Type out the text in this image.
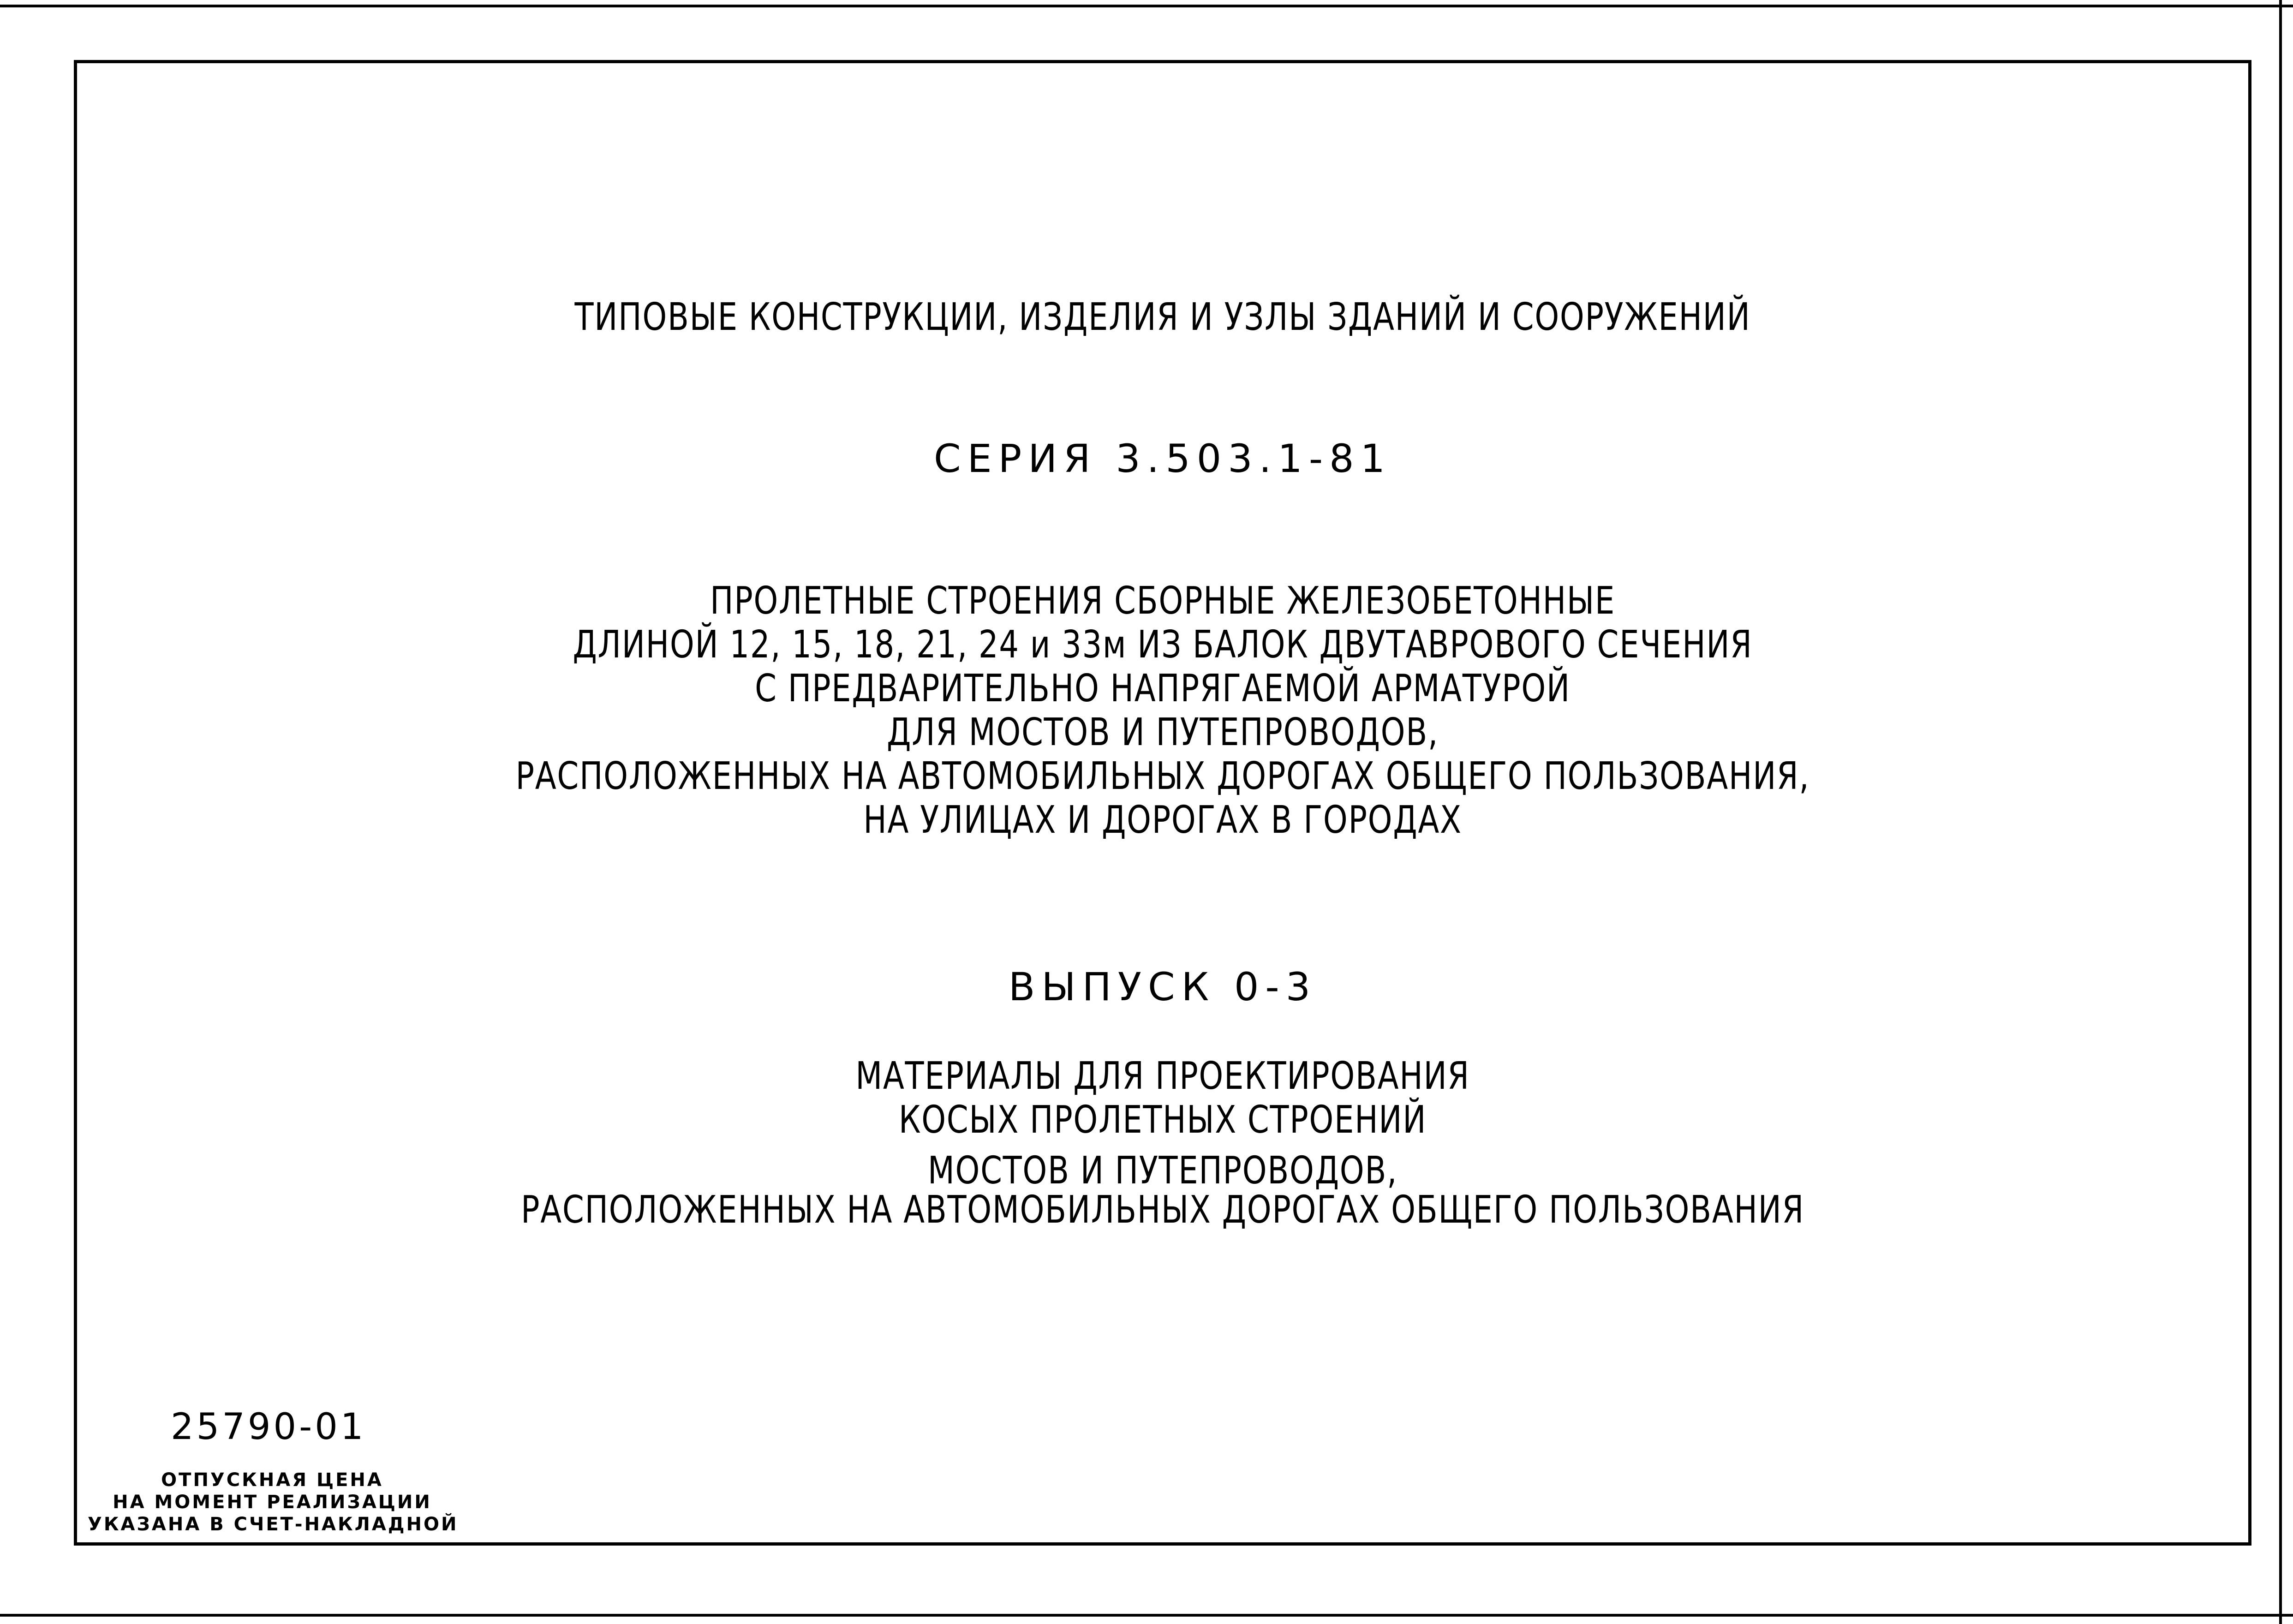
ТИПОВЫЕ КОНСТРУКЦИИ, ИЗДЕЛИЯ И УЗЛЫ ЗДАНИЙ И СООРУЖЕНИЙ
СЕРИЯ 3.503.1-81
ПРОЛЕТНЫЕ СТРОЕНИЯ СБОРНЫЕ ЖЕЛЕЗОБЕТОННЫЕ
ДЛИНОЙ 12, 15, 18, 21, 24 и 33м ИЗ БАЛОК ДВУТАВРОВОГО СЕЧЕНИЯ
С ПРЕДВАРИТЕЛЬНО НАПРЯГАЕМОЙ АРМАТУРОЙ
ДЛЯ МОСТОВ И ПУТЕПРОВОДОВ,
РАСПОЛОЖЕННЫХ НА АВТОМОБИЛЬНЫХ ДОРОГАХ ОБЩЕГО ПОЛЬЗОВАНИЯ,
НА УЛИЦАХ И ДОРОГАХ В ГОРОДАХ
ВЫПУСК 0-3
МАТЕРИАЛЫ ДЛЯ ПРОЕКТИРОВАНИЯ
КОСЫХ ПРОЛЕТНЫХ СТРОЕНИЙ
МОСТОВ И ПУТЕПРОВОДОВ,
РАСПОЛОЖЕННЫХ НА АВТОМОБИЛЬНЫХ ДОРОГАХ ОБЩЕГО ПОЛЬЗОВАНИЯ
25790-01
ОТПУСКНАЯ ЦЕНА
НА МОМЕНТ РЕАЛИЗАЦИИ
УКАЗАНА В СЧЕТ-НАКЛАДНОЙ
